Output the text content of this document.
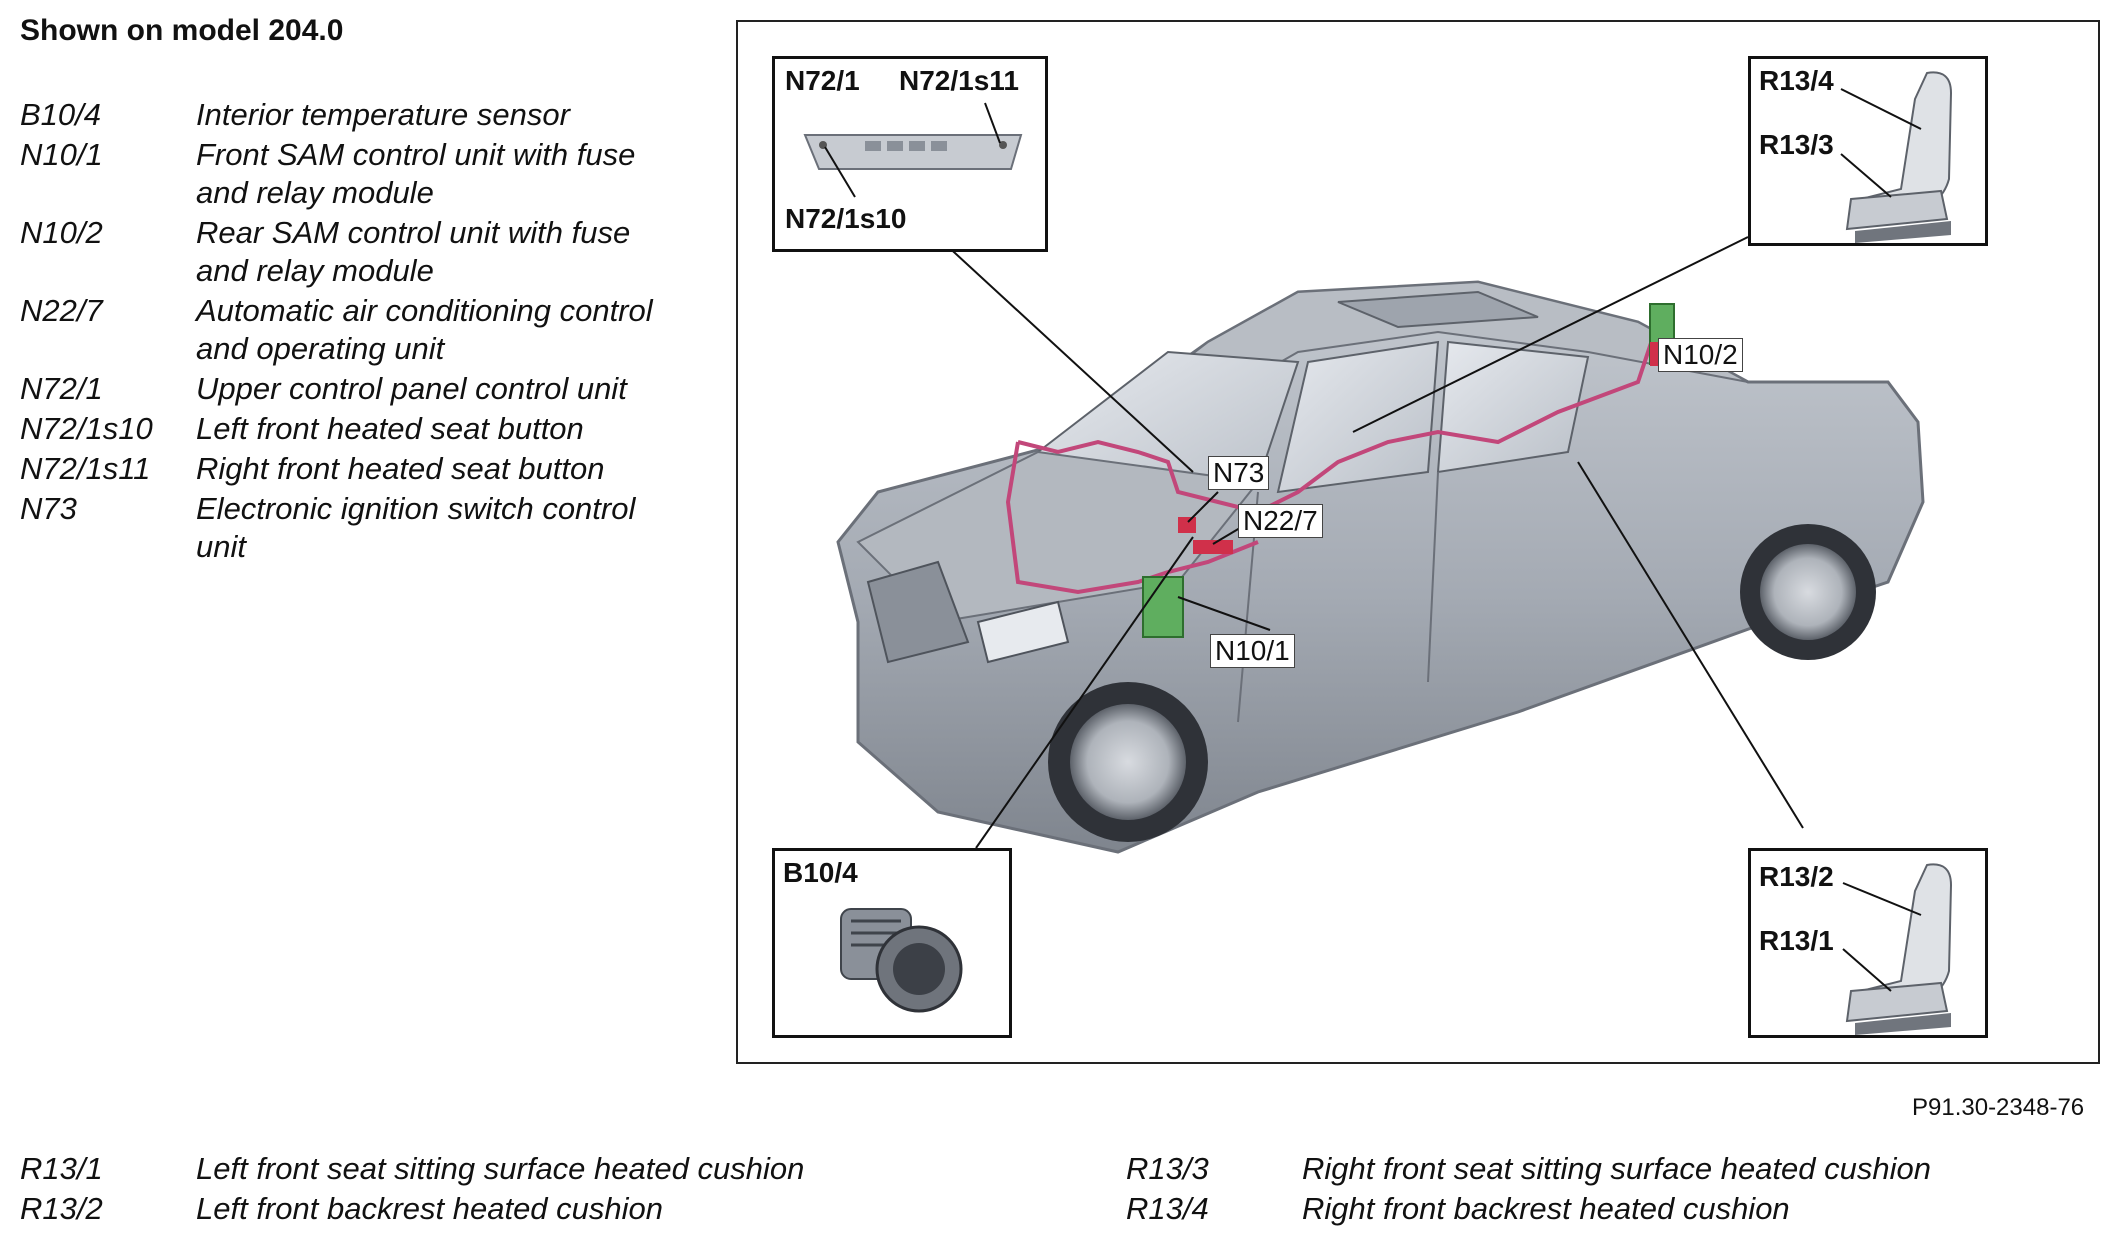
Shown on model 204.0
B10/4	Interior temperature sensor
N10/1	Front SAM control unit with fuse and relay module
N10/2	Rear SAM control unit with fuse and relay module
N22/7	Automatic air conditioning control and operating unit
N72/1	Upper control panel control unit
N72/1s10	Left front heated seat button
N72/1s11	Right front heated seat button
N73	Electronic ignition switch control unit
N72/1 N72/1s11
N72/1s10
R13/4
R13/3
B10/4	R13/2
R13/1
N10/2
N73
N22/7
N10/1
P91.30-2348-76
R13/1	Left front seat sitting surface heated cushion
R13/2	Left front backrest heated cushion
R13/3	Right front seat sitting surface heated cushion
R13/4	Right front backrest heated cushion
